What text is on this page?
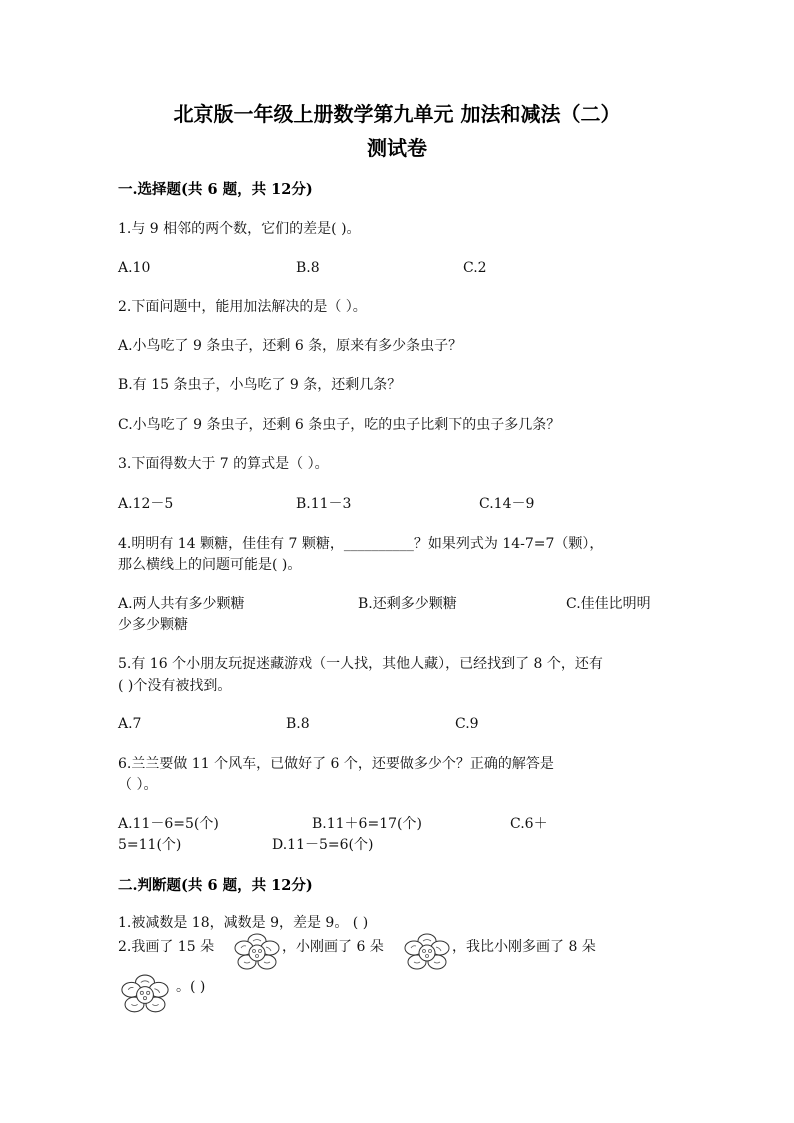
北京版一年级上册数学第九单元 加法和减法（二）
测试卷
一.选择题(共 6 题，共 12分)
1.与 9 相邻的两个数，它们的差是( )。
A.10	B.8	C.2
2.下面问题中，能用加法解决的是（ ）。
A.小鸟吃了 9 条虫子，还剩 6 条，原来有多少条虫子？
B.有 15 条虫子，小鸟吃了 9 条，还剩几条？
C.小鸟吃了 9 条虫子，还剩 6 条虫子，吃的虫子比剩下的虫子多几条？
3.下面得数大于 7 的算式是（ ）。
A.12－5	B.11－3	C.14－9
4.明明有 14 颗糖，佳佳有 7 颗糖，__________？如果列式为 14-7=7（颗），
那么横线上的问题可能是( )。
A.两人共有多少颗糖	B.还剩多少颗糖	C.佳佳比明明
少多少颗糖
5.有 16 个小朋友玩捉迷藏游戏（一人找，其他人藏），已经找到了 8 个，还有
( )个没有被找到。
A.7	B.8	C.9
6.兰兰要做 11 个风车，已做好了 6 个，还要做多少个？正确的解答是
（ ）。
A.11－6=5(个)	B.11＋6=17(个)	C.6＋
5=11(个)	D.11－5=6(个)
二.判断题(共 6 题，共 12分)
1.被减数是 18，减数是 9，差是 9。 ( )
2.我画了 15 朵	，小刚画了 6 朵	，我比小刚多画了 8 朵
。( )
